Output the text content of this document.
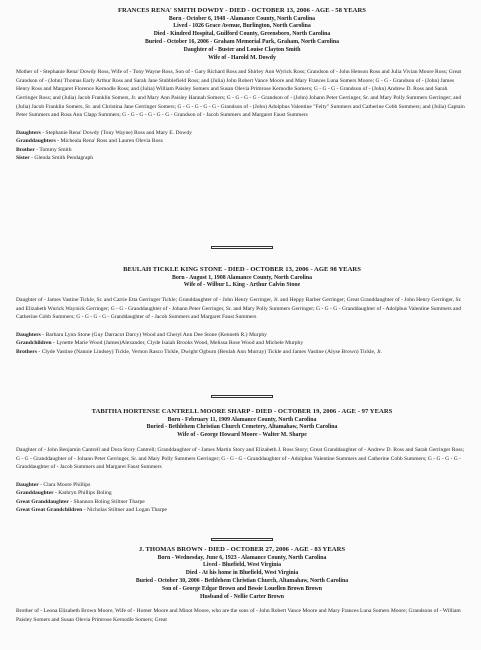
FRANCES RENA' SMITH DOWDY - DIED - OCTOBER 13, 2006 - AGE - 58 YEARS
Born - October 6, 1948 - Alamance County, North Carolina
Lived - 1026 Grace Avenue, Burlington, North Carolina
Died - Kindred Hospital, Guilford County, Greensboro, North Carolina
Buried - October 16, 2006 - Graham Memorial Park, Graham, North Carolina
Daughter of - Buster and Louise Clayton Smith
Wife of - Harold M. Dowdy
Mother of - Stephanie Rena' Dowdy Ross, Wife of - Tony Wayne Ross, Son of - Gary Richard Ross and Shirley Ann Wyrick Ross; Grandson of - John Henson Ross and Julia Vivian Moore Ross; Great Grandson of - (John) Thomas Early Arthur Ross and Sarah Jane Stubblefield Ross; and (Julia) John Robert Vance Moore and Mary Frances Luna Somers Moore; G - G - Grandson of - (John) James Henry Ross and Margaret Florence Kernodle Ross; and (Julia) William Paisley Somers and Susan Olevia Primrose Kernodle Somers; G - G - G - Grandson of - (John) Andrew D. Ross and Sarah Gerringer Ross; and (Julia) Jacob Franklin Somers, Jr. and Mary Ann Paisley Hannah Somers; G - G - G - G - Grandson of - (John) Johann Peter Gerringer, Sr. and Mary Polly Summers Gerringer; and (Julia) Jacob Franklin Somers, Sr. and Christina Jane Gerringer Somers; G - G - G - G - G - Grandson of - (John) Adolphus Valentine "Felty" Summers and Catherine Cobb Summers; and (Julia) Captain Peter Summers and Rosa Ann Clapp Summers; G - G - G - G - G - G - Grandson of - Jacob Summers and Margaret Faust Summers
Daughters - Stephanie Rena' Dowdy (Tony Wayne) Ross and Mary E. Dowdy
Granddaughters - Micheala Rena' Ross and Lauren Olevia Ross
Brother - Tommy Smith
Sister - Glenda Smith Pendagraph
BEULAH TICKLE KING STONE - DIED - OCTOBER 13, 2006 - AGE 98 YEARS
Born - August 1, 1908 Alamance County, North Carolina
Wife of - Wilbur L. King - Arthur Calvin Stone
Daughter of - James Vastine Tickle, Sr. and Carrie Etta Gerringer Tickle; Granddaughter of - John Henry Gerringer, Jr. and Heppy Barber Gerringer; Great Granddaughter of - John Henry Gerringer, Sr. and Elizabeth Wurick Waynick Gerringer; G - G - Granddaughter of - Johann Peter Gerringer, Sr. and Mary Polly Summers Gerringer; G - G - G - Granddaughter of - Adolphus Valentine Summers and Catherine Cobb Summers; G - G - G - G - Granddaughter of - Jacob Summers and Margaret Faust Summers
Daughters - Barbara Lynn Stone (Guy Darracot Darcy) Wood and Cheryl Ann Dee Stone (Kenneth R.) Murphy
Grandchildren - Lynette Marie Wood (James)Alexander, Clyde Isaiah Brooks Wood, Melissa Rose Wood and Michele Murphy
Brothers - Clyde Vastine (Nannie Lindsey) Tickle, Vernon Rasco Tickle, Dwight Ogburn (Beulah Ann Murray) Tickle and James Vastine (Alyse Brown) Tickle, Jr.
TABITHA HORTENSE CANTRELL MOORE SHARP - DIED - OCTOBER 19, 2006 - AGE - 97 YEARS
Born - February 11, 1909 Alamance County, North Carolina
Buried - Bethlehem Christian Church Cemetery, Altamahaw, North Carolina
Wife of - George Howard Moore - Walter M. Sharpe
Daughter of - John Benjamin Cantrell and Dora Story Cantrell; Granddaughter of - James Martin Story and Elizabeth J. Ross Story; Great Granddaughter of - Andrew D. Ross and Sarah Gerringer Ross; G - G - Granddaughter of - Johann Peter Gerringer, Sr. and Mary Polly Summers Gerringer; G - G - G - Granddaughter of - Adolphus Valentine Summers and Catherine Cobb Summers; G - G - G - G - Granddaughter of - Jacob Summers and Margaret Faust Summers
Daughter - Clara Moore Phillips
Granddaughter - Kathryn Phillips Boling
Great Granddaughter - Shannon Boling Stiltner Tharpe
Great Great Grandchildren - Nicholas Stiltner and Logan Tharpe
J. THOMAS BROWN - DIED - OCTOBER 27, 2006 - AGE - 83 YEARS
Born - Wednesday, June 6, 1923 - Alamance County, North Carolina
Lived - Bluefield, West Virginia
Died - At his home in Bluefield, West Virginia
Buried - October 30, 2006 - Bethlehem Christian Church, Altamahaw, North Carolina
Son of - George Edgar Brown and Bessie Louellen Brown Brown
Husband of - Nellie Carter Brown
Brother of - Leona Elizabeth Brown Moore, Wife of - Homer Moore and Minot Moore, who are the sons of - John Robert Vance Moore and Mary Frances Luna Somers Moore; Grandsons of - William Paisley Somers and Susan Olevia Primrose Kernodle Somers; Great
